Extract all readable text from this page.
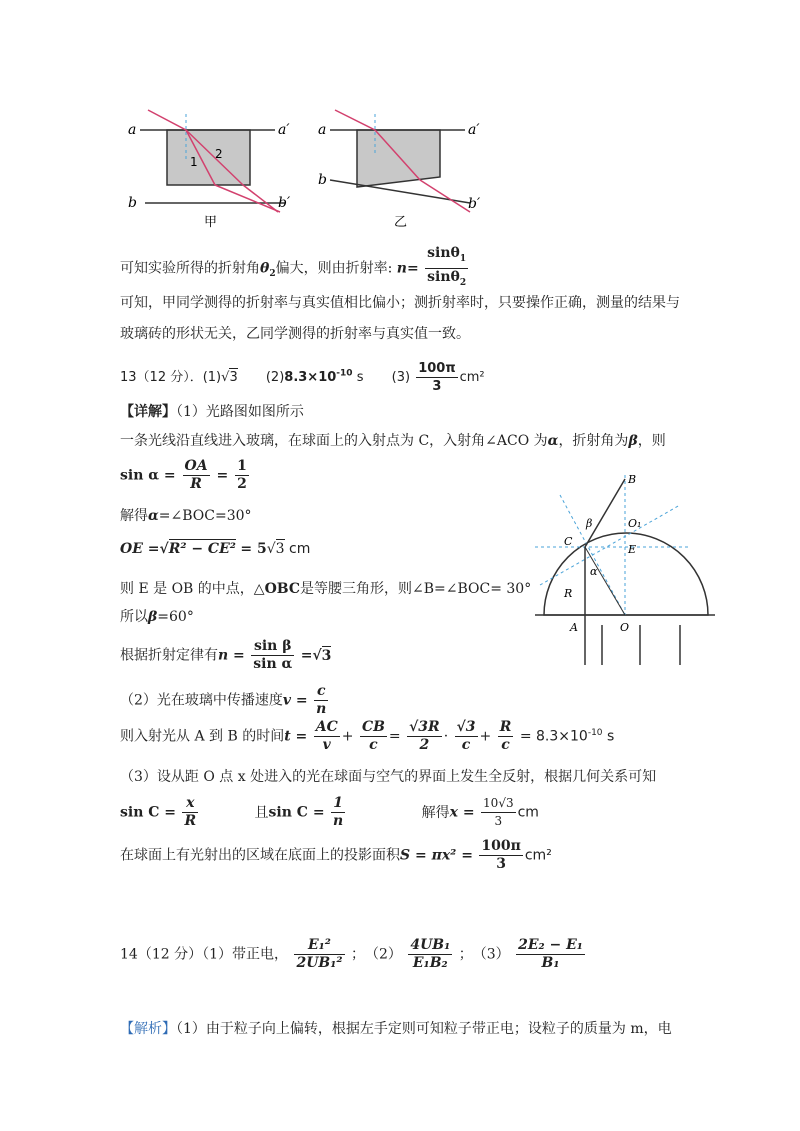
a	a′
b	b′
1
2
甲
a	a′
b
b′
乙
可知实验所得的折射角$\theta_2$偏大，则由折射率: $n= \frac{\sin\theta_1}{\sin\theta_2}$
可知，甲同学测得的折射率与真实值相比偏小；测折射率时，只要操作正确，测量的结果与
玻璃砖的形状无关，乙同学测得的折射率与真实值一致。
13（12 分）．(1)√3 $(2)8.3\times 10^{-10}$ s $(3) \frac{100\pi}{3} cm^2$
【详解】（1）光路图如图所示
一条光线沿直线进入玻璃，在球面上的入射点为 C，入射角∠ACO 为α，折射角为β，则
$\sin \alpha = \frac{OA}{R} = \frac{1}{2}$
解得α=∠BOC=30°
OE =√R² − CE² = 5√3 cm
则 E 是 OB 的中点，△OBC是等腰三角形，则∠B=∠BOC= 30°
所以β=60°
根据折射定律有$n = \frac{\text{sin β}}{\text{sin α}} =√3$
（2）光在玻璃中传播速度$v = \frac{c}{n}$
则入射光从 A 到 B 的时间$t = \frac{AC}{v} + \frac{CB}{c} = \frac{√3R}{2} \cdot \frac{√3}{c} + \frac{R}{c} = 8.3\times 10^{-10}$ s
（3）设从距 O 点 x 处进入的光在球面与空气的界面上发生全反射，根据几何关系可知
$\sin C = \frac{x}{R}$	且$\sin C = \frac{1}{n}$	解得$x = \frac{10√3}{3}$ cm
在球面上有光射出的区域在底面上的投影面积$S = \pi x^2 = \frac{100\pi}{3} cm^2$
14（12 分）（1）带正电， $\frac{\text{E₁²}}{\text{2UB₁²}}$ ；　$(2) \frac{\text{4UB₁}}{\text{E₁B₂}}$ ；　$(3) \frac{\text{2E₂ − E₁}}{\text{B₁}}$
【解析】（1）由于粒子向上偏转，根据左手定则可知粒子带正电；设粒子的质量为 m，电
B
β	O₁
C
E
α
R
A	O
